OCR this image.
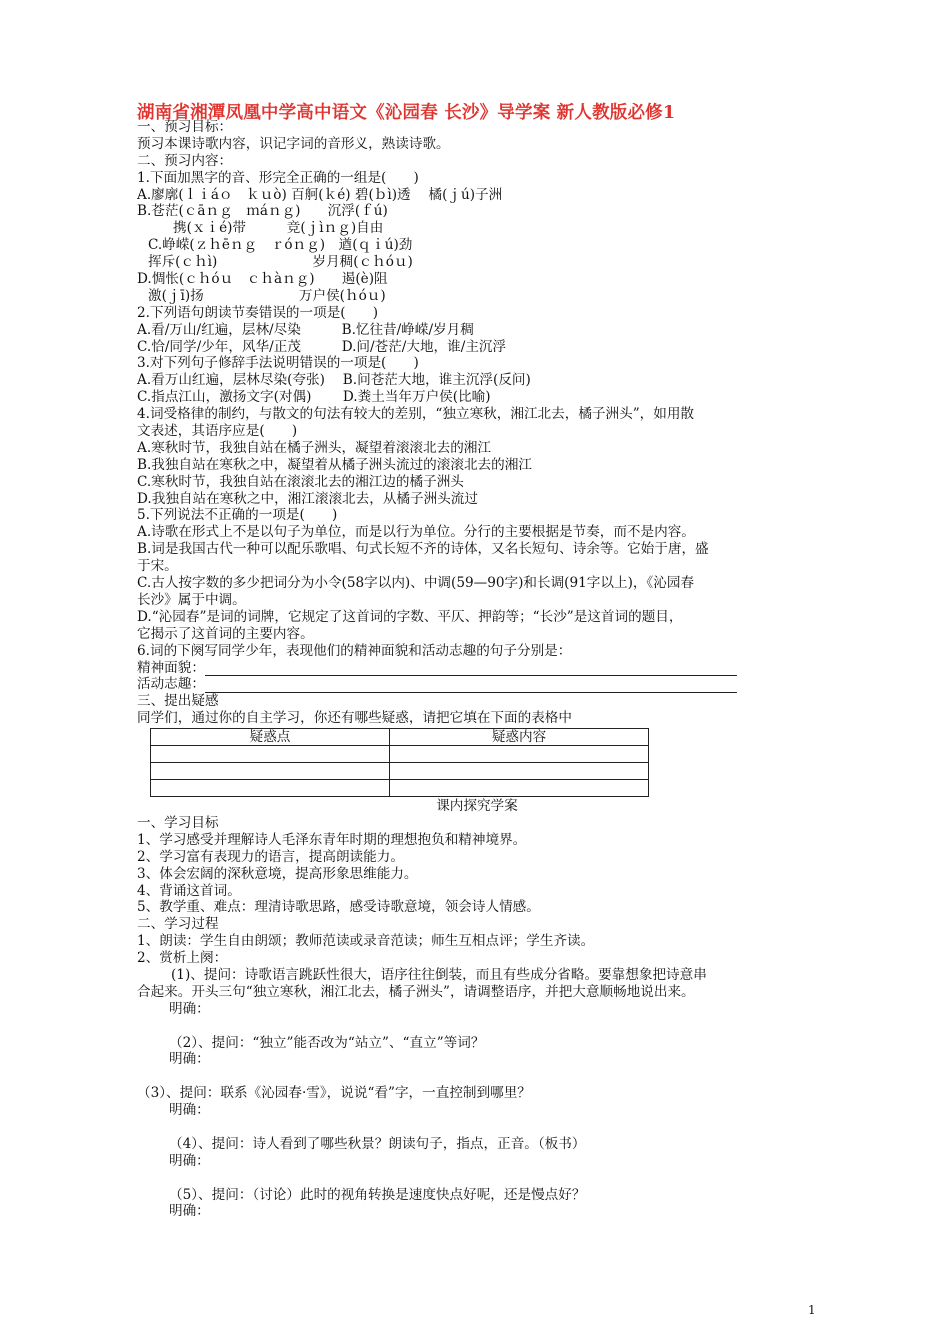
湖南省湘潭凤凰中学高中语文《沁园春 长沙》导学案 新人教版必修1
一、预习目标：
预习本课诗歌内容，识记字词的音形义，熟读诗歌。
二、预习内容：
1.下面加黑字的音、形完全正确的一组是(　　)
A.廖廓(ｌｉáｏ　ｋｕò) 百舸(ｋé) 碧(ｂì)透　 橘(ｊú)子洲
B.苍茫(ｃāｎｇ　ｍáｎｇ)　　沉浮(ｆú)
携(ｘｉé)带　　　竞(ｊìｎｇ)自由
C.峥嵘(ｚｈēｎｇ　ｒóｎｇ)　遒(ｑｉú)劲
挥斥(ｃｈì)　　　　　　　岁月稠(ｃｈóｕ)
D.惆怅(ｃｈóｕ　ｃｈàｎｇ)　　遏(è)阻
激(ｊī)扬　　　　　　　万户侯(ｈóｕ)
2.下列语句朗读节奏错误的一项是(　　)
A.看/万山/红遍，层林/尽染　　　B.忆往昔/峥嵘/岁月稠
C.恰/同学/少年，风华/正茂　　　D.问/苍茫/大地，谁/主沉浮
3.对下列句子修辞手法说明错误的一项是(　　)
A.看万山红遍，层林尽染(夸张)　 B.问苍茫大地，谁主沉浮(反问)
C.指点江山，激扬文字(对偶)　　 D.粪土当年万户侯(比喻)
4.词受格律的制约，与散文的句法有较大的差别，“独立寒秋，湘江北去，橘子洲头”，如用散
文表述，其语序应是(　　)
A.寒秋时节，我独自站在橘子洲头，凝望着滚滚北去的湘江
B.我独自站在寒秋之中，凝望着从橘子洲头流过的滚滚北去的湘江
C.寒秋时节，我独自站在滚滚北去的湘江边的橘子洲头
D.我独自站在寒秋之中，湘江滚滚北去，从橘子洲头流过
5.下列说法不正确的一项是(　　)
A.诗歌在形式上不是以句子为单位，而是以行为单位。分行的主要根据是节奏，而不是内容。
B.词是我国古代一种可以配乐歌唱、句式长短不齐的诗体，又名长短句、诗余等。它始于唐，盛
于宋。
C.古人按字数的多少把词分为小令(58字以内)、中调(59—90字)和长调(91字以上)，《沁园春
长沙》属于中调。
D.“沁园春”是词的词牌，它规定了这首词的字数、平仄、押韵等；“长沙”是这首词的题目，
它揭示了这首词的主要内容。
6.词的下阕写同学少年，表现他们的精神面貌和活动志趣的句子分别是：
精神面貌：
活动志趣：
三、提出疑感
同学们，通过你的自主学习，你还有哪些疑惑，请把它填在下面的表格中
疑惑点	疑惑内容

课内探究学案
一、学习目标
1、学习感受并理解诗人毛泽东青年时期的理想抱负和精神境界。
2、学习富有表现力的语言，提高朗读能力。
3、体会宏阔的深秋意境，提高形象思维能力。
4、背诵这首词。
5、教学重、难点：理清诗歌思路，感受诗歌意境，领会诗人情感。
二、学习过程
1、朗读：学生自由朗颂；教师范读或录音范读；师生互相点评；学生齐读。
2、赏析上阕：
(1)、提问：诗歌语言跳跃性很大，语序往往倒装，而且有些成分省略。要靠想象把诗意串
合起来。开头三句“独立寒秋，湘江北去，橘子洲头”，请调整语序，并把大意顺畅地说出来。
明确：
（2）、提问：“独立”能否改为“站立”、“直立”等词？
明确：
（3）、提问：联系《沁园春·雪》，说说“看”字，一直控制到哪里？
明确：
（4）、提问：诗人看到了哪些秋景？朗读句子，指点，正音。（板书）
明确：
（5）、提问：（讨论）此时的视角转换是速度快点好呢，还是慢点好？
明确：
1
